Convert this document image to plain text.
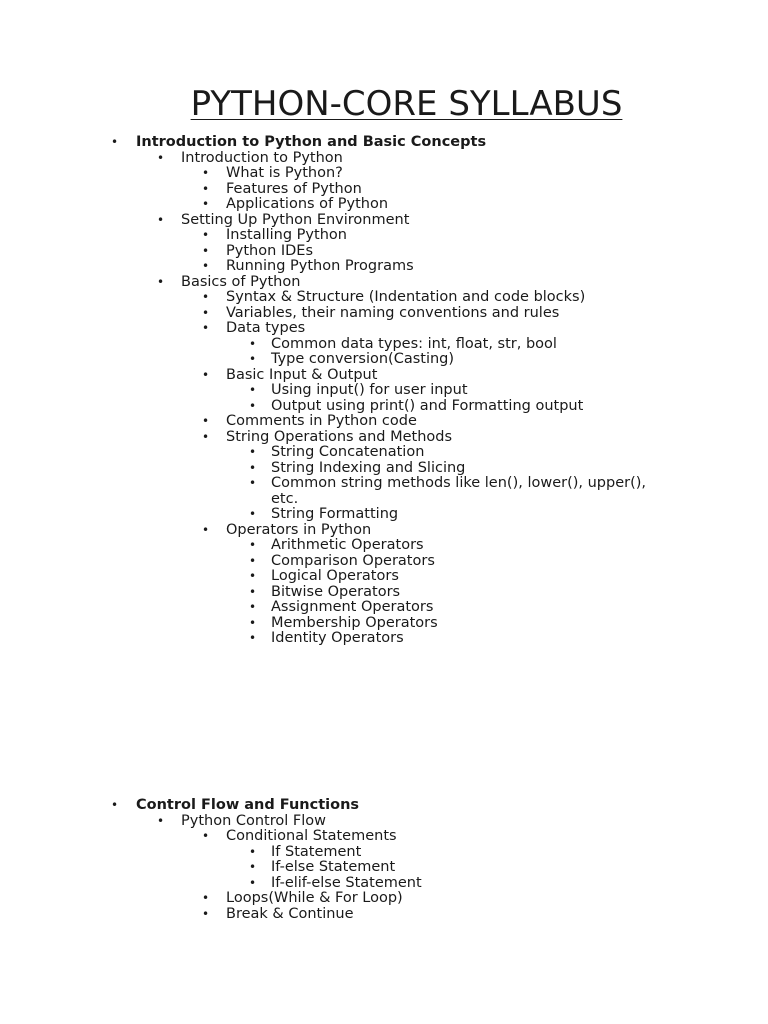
PYTHON-CORE SYLLABUS
•	Introduction to Python and Basic Concepts
•	Introduction to Python
•	What is Python?
•	Features of Python
•	Applications of Python
•	Setting Up Python Environment
•	Installing Python
•	Python IDEs
•	Running Python Programs
•	Basics of Python
•	Syntax & Structure (Indentation and code blocks)
•	Variables, their naming conventions and rules
•	Data types
•	Common data types: int, float, str, bool
•	Type conversion(Casting)
•	Basic Input & Output
•	Using input() for user input
•	Output using print() and Formatting output
•	Comments in Python code
•	String Operations and Methods
•	String Concatenation
•	String Indexing and Slicing
•	Common string methods like len(), lower(), upper(), etc.
•	String Formatting
•	Operators in Python
•	Arithmetic Operators
•	Comparison Operators
•	Logical Operators
•	Bitwise Operators
•	Assignment Operators
•	Membership Operators
•	Identity Operators
•	Control Flow and Functions
•	Python Control Flow
•	Conditional Statements
•	If Statement
•	If-else Statement
•	If-elif-else Statement
•	Loops(While & For Loop)
•	Break & Continue
